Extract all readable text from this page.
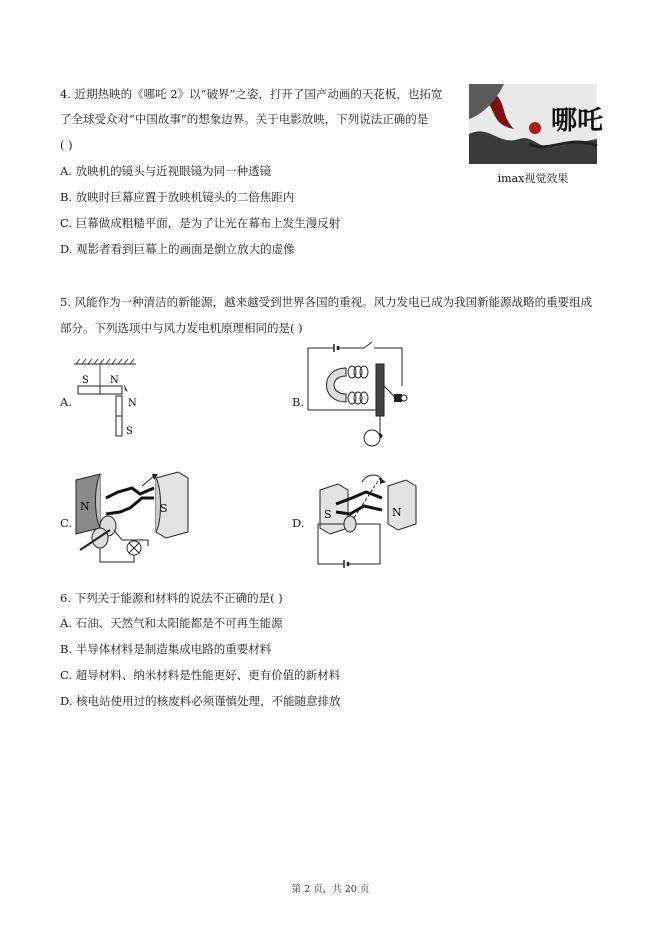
4. 近期热映的《哪吒 2》以“破界”之姿，打开了国产动画的天花板，也拓宽
了全球受众对“中国故事”的想象边界。关于电影放映，下列说法正确的是
( )
哪吒
imax视觉效果
A. 放映机的镜头与近视眼镜为同一种透镜
B. 放映时巨幕应置于放映机镜头的二倍焦距内
C. 巨幕做成粗糙平面，是为了让光在幕布上发生漫反射
D. 观影者看到巨幕上的画面是倒立放大的虚像
5. 风能作为一种清洁的新能源，越来越受到世界各国的重视。风力发电已成为我国新能源战略的重要组成
部分。下列选项中与风力发电机原理相同的是( )
A.
S N
N
S
B.
C.
N	S
D.
S	N
6. 下列关于能源和材料的说法不正确的是( )
A. 石油、天然气和太阳能都是不可再生能源
B. 半导体材料是制造集成电路的重要材料
C. 超导材料、纳米材料是性能更好、更有价值的新材料
D. 核电站使用过的核废料必须谨慎处理，不能随意排放
第 2 页，共 20 页
